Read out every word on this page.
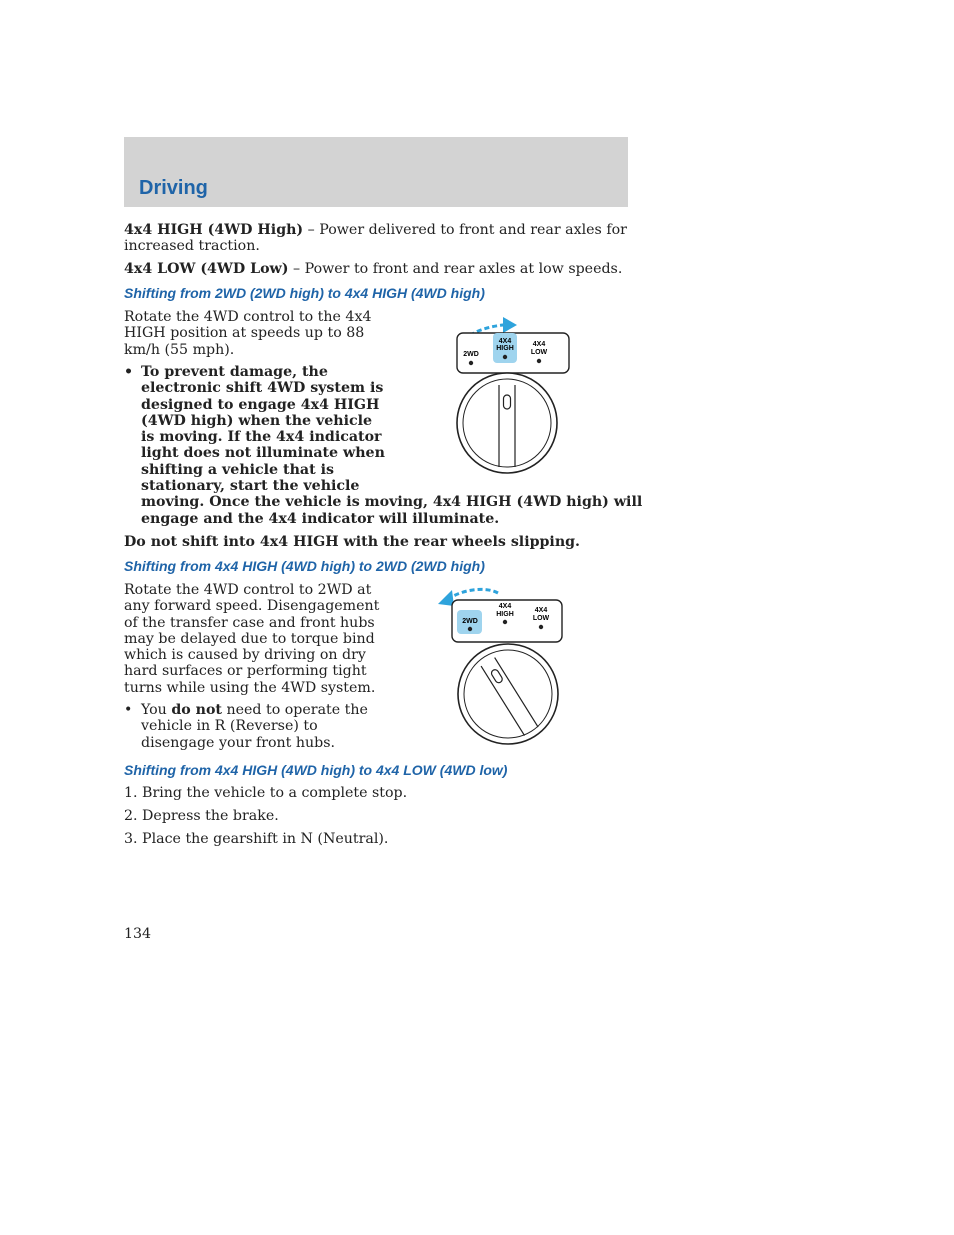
Driving
4x4 HIGH (4WD High) – Power delivered to front and rear axles for
increased traction.
4x4 LOW (4WD Low) – Power to front and rear axles at low speeds.
Shifting from 2WD (2WD high) to 4x4 HIGH (4WD high)
Rotate the 4WD control to the 4x4
HIGH position at speeds up to 88
km/h (55 mph).
• To prevent damage, the
electronic shift 4WD system is
designed to engage 4x4 HIGH
(4WD high) when the vehicle
is moving. If the 4x4 indicator
light does not illuminate when
shifting a vehicle that is
stationary, start the vehicle
moving. Once the vehicle is moving, 4x4 HIGH (4WD high) will
engage and the 4x4 indicator will illuminate.
Do not shift into 4x4 HIGH with the rear wheels slipping.
2WD
4X4
HIGH
4X4
LOW
Shifting from 4x4 HIGH (4WD high) to 2WD (2WD high)
Rotate the 4WD control to 2WD at
any forward speed. Disengagement
of the transfer case and front hubs
may be delayed due to torque bind
which is caused by driving on dry
hard surfaces or performing tight
turns while using the 4WD system.
• You do not need to operate the
vehicle in R (Reverse) to
disengage your front hubs.
2WD
4X4
HIGH
4X4
LOW
Shifting from 4x4 HIGH (4WD high) to 4x4 LOW (4WD low)
1. Bring the vehicle to a complete stop.
2. Depress the brake.
3. Place the gearshift in N (Neutral).
134
